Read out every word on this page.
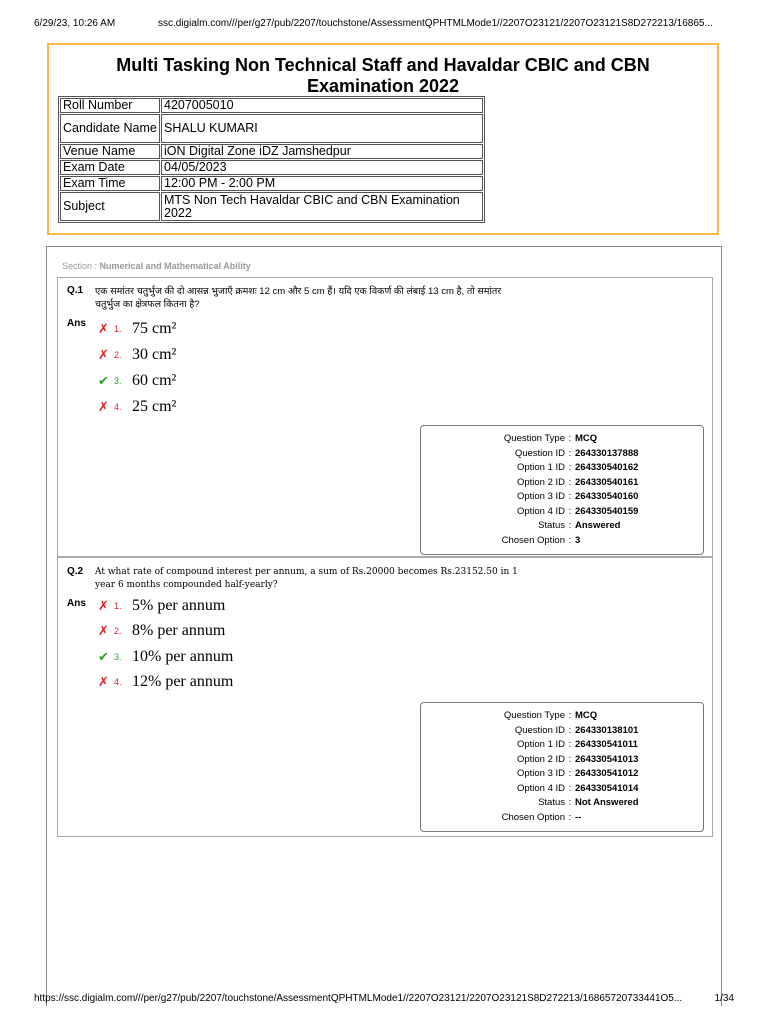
6/29/23, 10:26 AM	ssc.digialm.com///per/g27/pub/2207/touchstone/AssessmentQPHTMLMode1//2207O23121/2207O23121S8D272213/16865...
Multi Tasking Non Technical Staff and Havaldar CBIC and CBN Examination 2022
Roll Number	4207005010
Candidate Name	SHALU KUMARI
Venue Name	iON Digital Zone iDZ Jamshedpur
Exam Date	04/05/2023
Exam Time	12:00 PM - 2:00 PM
Subject	MTS Non Tech Havaldar CBIC and CBN Examination 2022
Section : Numerical and Mathematical Ability
Q.1 एक समांतर चतुर्भुज की दो आसन्न भुजाएँ क्रमशः 12 cm और 5 cm हैं। यदि एक विकर्ण की लंबाई 13 cm है, तो समांतर चतुर्भुज का क्षेत्रफल कितना है?
Ans ✗ 1. 75 cm²
✗ 2. 30 cm²
✔ 3. 60 cm²
✗ 4. 25 cm²
Question Type : MCQ
Question ID : 264330137888
Option 1 ID : 264330540162
Option 2 ID : 264330540161
Option 3 ID : 264330540160
Option 4 ID : 264330540159
Status : Answered
Chosen Option : 3
Q.2 At what rate of compound interest per annum, a sum of Rs.20000 becomes Rs.23152.50 in 1 year 6 months compounded half-yearly?
Ans ✗ 1. 5% per annum
✗ 2. 8% per annum
✔ 3. 10% per annum
✗ 4. 12% per annum
Question Type : MCQ
Question ID : 264330138101
Option 1 ID : 264330541011
Option 2 ID : 264330541013
Option 3 ID : 264330541012
Option 4 ID : 264330541014
Status : Not Answered
Chosen Option : --
https://ssc.digialm.com///per/g27/pub/2207/touchstone/AssessmentQPHTMLMode1//2207O23121/2207O23121S8D272213/16865720733441O5...	1/34
